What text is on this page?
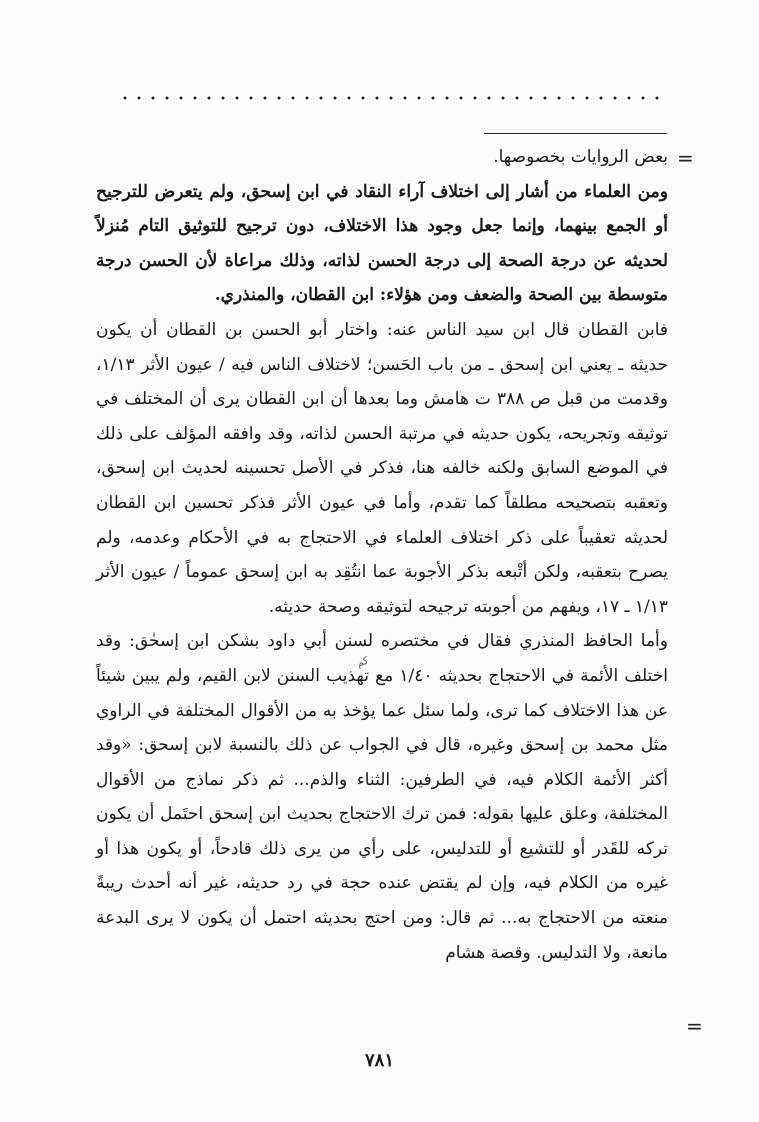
=

بعض الروايات بخصوصها.

ومن العلماء من أشار إلى اختلاف آراء النقاد في ابن إسحق، ولم يتعرض للترجيح أو الجمع بينهما، وإنما جعل وجود هذا الاختلاف، دون ترجيح للتوثيق التام مُنزلاً لحديثه عن درجة الصحة إلى درجة الحسن لذاته، وذلك مراعاة لأن الحسن درجة متوسطة بين الصحة والضعف ومن هؤلاء: ابن القطان، والمنذري.

فابن القطان قال ابن سيد الناس عنه: واختار أبو الحسن بن القطان أن يكون حديثه ـ يعني ابن إسحق ـ من باب الحَسن؛ لاختلاف الناس فيه / عيون الأثر ١/١٣، وقدمت من قبل ص ٣٨٨ ت هامش وما بعدها أن ابن القطان يرى أن المختلف في توثيقه وتجريحه، يكون حديثه في مرتبة الحسن لذاته، وقد وافقه المؤلف على ذلك في الموضع السابق ولكنه خالفه هنا، فذكر في الأصل تحسينه لحديث ابن إسحق، وتعقبه بتصحيحه مطلقاً كما تقدم، وأما في عيون الأثر فذكر تحسين ابن القطان لحديثه تعقيباً على ذكر اختلاف العلماء في الاحتجاج به في الأحكام وعدمه، ولم يصرح بتعقبه، ولكن أتْبعه بذكر الأجوبة عما انتُقِد به ابن إسحق عموماً / عيون الأثر ١/١٣ ـ ١٧، ويفهم من أجوبته ترجيحه لتوثيقه وصحة حديثه.

وأما الحافظ المنذري فقال في مختصره لسنن أبي داود بشكن ابن إسحٰق: وقد اختلف الأئمة في الاحتجاج بحديثه ١/٤٠ مع تهذيب السنن لابن القيم، ولم يبين شيئاً عن هذا الاختلاف كما ترى، ولما سئل عما يؤخذ به من الأقوال المختلفة في الراوي مثل محمد بن إسحق وغيره، قال في الجواب عن ذلك بالنسبة لابن إسحق: «وقد أكثر الأئمة الكلام فيه، في الطرفين: الثناء والذم... ثم ذكر نماذج من الأقوال المختلفة، وعلق عليها بقوله: فمن ترك الاحتجاج بحديث ابن إسحق احتَمل أن يكون تركه للقَدر أو للتشيع أو للتدليس، على رأي من يرى ذلك قادحاً، أو يكون هذا أو غيره من الكلام فيه، وإن لم يقتض عنده حجة في رد حديثه، غير أنه أحدث ريبةً منعته من الاحتجاج به... ثم قال: ومن احتج بحديثه احتمل أن يكون لا يرى البدعة مانعة، ولا التدليس. وقصة هشام

ﻛﻢ
=
٧٨١
